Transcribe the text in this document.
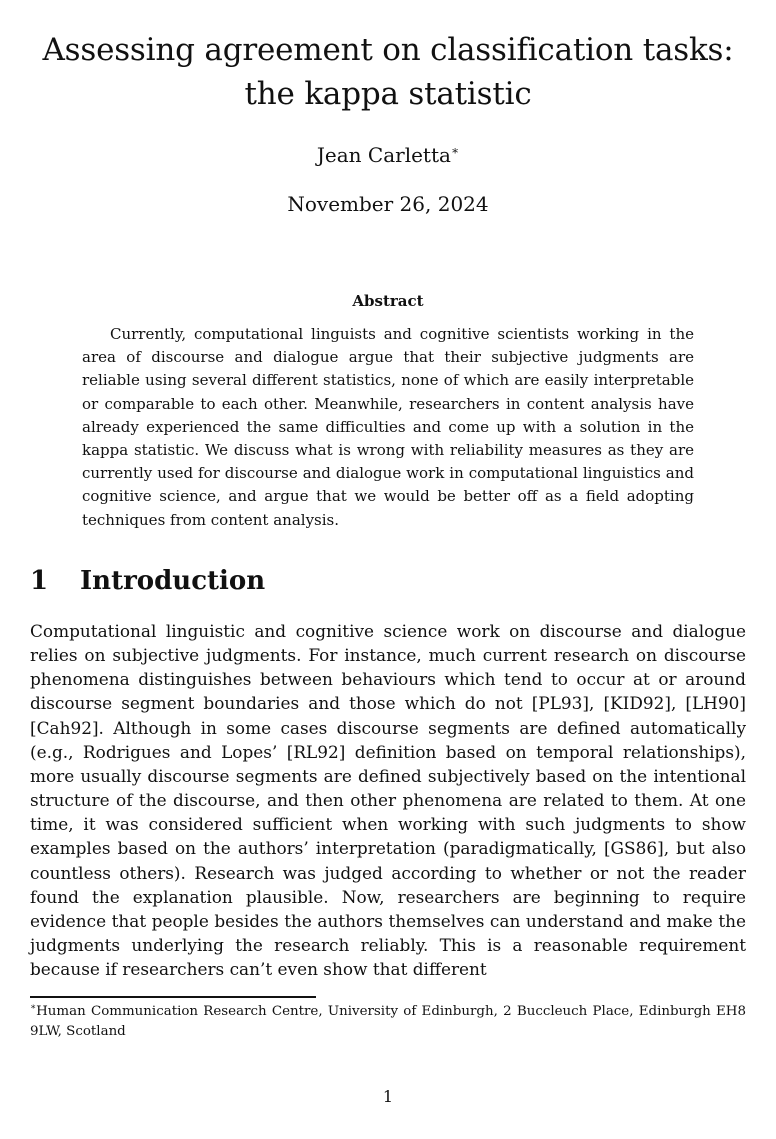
Assessing agreement on classification tasks: the kappa statistic
Jean Carletta∗
November 26, 2024
Abstract

Currently, computational linguists and cognitive scientists working in the area of discourse and dialogue argue that their subjective judgments are reliable using several different statistics, none of which are easily interpretable or comparable to each other. Meanwhile, researchers in content analysis have already experienced the same difficulties and come up with a solution in the kappa statistic. We discuss what is wrong with reliability measures as they are currently used for discourse and dialogue work in computational linguistics and cognitive science, and argue that we would be better off as a field adopting techniques from content analysis.

1 Introduction

Computational linguistic and cognitive science work on discourse and dialogue relies on subjective judgments. For instance, much current research on discourse phenomena distinguishes between behaviours which tend to occur at or around discourse segment boundaries and those which do not [PL93], [KID92], [LH90] [Cah92]. Although in some cases discourse segments are defined automatically (e.g., Rodrigues and Lopes’ [RL92] definition based on temporal relationships), more usually discourse segments are defined subjectively based on the intentional structure of the discourse, and then other phenomena are related to them. At one time, it was considered sufficient when working with such judgments to show examples based on the authors’ interpretation (paradigmatically, [GS86], but also countless others). Research was judged according to whether or not the reader found the explanation plausible. Now, researchers are beginning to require evidence that people besides the authors themselves can understand and make the judgments underlying the research reliably. This is a reasonable requirement because if researchers can’t even show that different

∗Human Communication Research Centre, University of Edinburgh, 2 Buccleuch Place, Edinburgh EH8 9LW, Scotland

1
